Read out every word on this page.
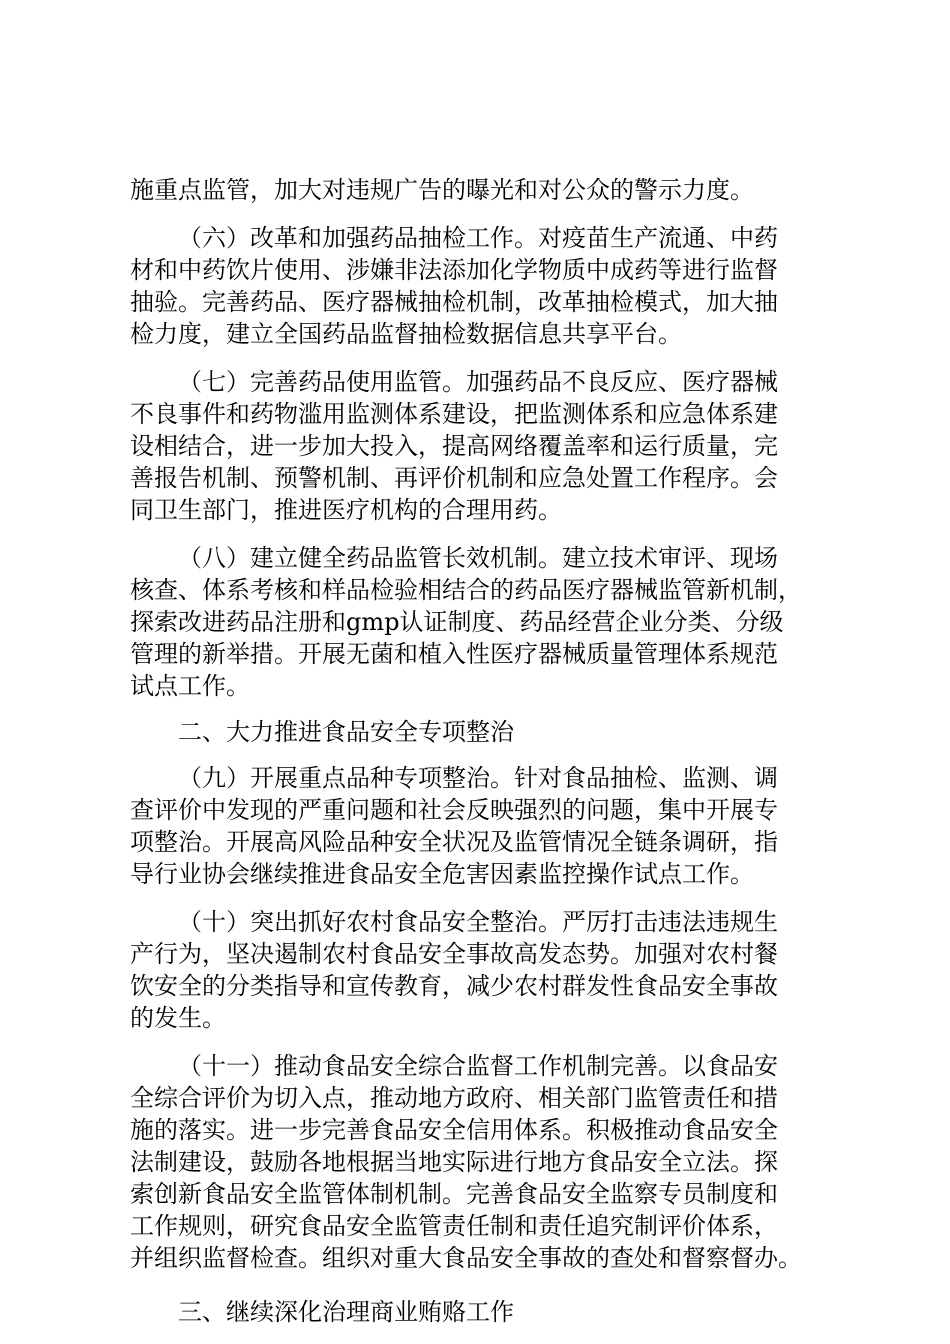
施重点监管，加大对违规广告的曝光和对公众的警示力度。
（六）改革和加强药品抽检工作。对疫苗生产流通、中药
材和中药饮片使用、涉嫌非法添加化学物质中成药等进行监督
抽验。完善药品、医疗器械抽检机制，改革抽检模式，加大抽
检力度，建立全国药品监督抽检数据信息共享平台。
（七）完善药品使用监管。加强药品不良反应、医疗器械
不良事件和药物滥用监测体系建设，把监测体系和应急体系建
设相结合，进一步加大投入，提高网络覆盖率和运行质量，完
善报告机制、预警机制、再评价机制和应急处置工作程序。会
同卫生部门，推进医疗机构的合理用药。
（八）建立健全药品监管长效机制。建立技术审评、现场
核查、体系考核和样品检验相结合的药品医疗器械监管新机制，
探索改进药品注册和gmp认证制度、药品经营企业分类、分级
管理的新举措。开展无菌和植入性医疗器械质量管理体系规范
试点工作。
二、大力推进食品安全专项整治
（九）开展重点品种专项整治。针对食品抽检、监测、调
查评价中发现的严重问题和社会反映强烈的问题，集中开展专
项整治。开展高风险品种安全状况及监管情况全链条调研，指
导行业协会继续推进食品安全危害因素监控操作试点工作。
（十）突出抓好农村食品安全整治。严厉打击违法违规生
产行为，坚决遏制农村食品安全事故高发态势。加强对农村餐
饮安全的分类指导和宣传教育，减少农村群发性食品安全事故
的发生。
（十一）推动食品安全综合监督工作机制完善。以食品安
全综合评价为切入点，推动地方政府、相关部门监管责任和措
施的落实。进一步完善食品安全信用体系。积极推动食品安全
法制建设，鼓励各地根据当地实际进行地方食品安全立法。探
索创新食品安全监管体制机制。完善食品安全监察专员制度和
工作规则，研究食品安全监管责任制和责任追究制评价体系，
并组织监督检查。组织对重大食品安全事故的查处和督察督办。
三、继续深化治理商业贿赂工作
